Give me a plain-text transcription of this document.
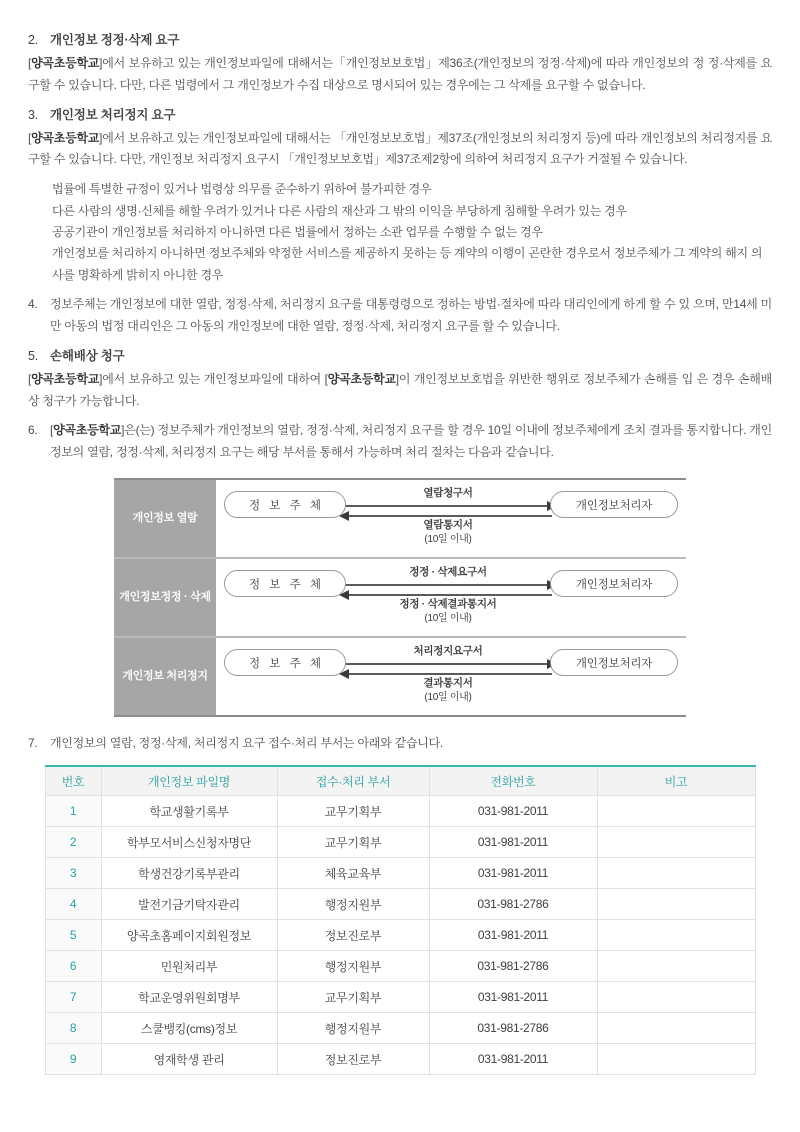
2. 개인정보 정정·삭제 요구

[양곡초등학교]에서 보유하고 있는 개인정보파일에 대해서는「개인정보보호법」제36조(개인정보의 정정·삭제)에 따라 개인정보의 정 정·삭제를 요구할 수 있습니다. 다만, 다른 법령에서 그 개인정보가 수집 대상으로 명시되어 있는 경우에는 그 삭제를 요구할 수 없습니다.

3. 개인정보 처리정지 요구

[양곡초등학교]에서 보유하고 있는 개인정보파일에 대해서는 「개인정보보호법」제37조(개인정보의 처리정지 등)에 따라 개인정보의 처리정지를 요구할 수 있습니다. 다만, 개인정보 처리정지 요구시 「개인정보보호법」제37조제2항에 의하여 처리정지 요구가 거절될 수 있습니다.

법률에 특별한 규정이 있거나 법령상 의무를 준수하기 위하여 불가피한 경우
다른 사람의 생명·신체를 해할 우려가 있거나 다른 사람의 재산과 그 밖의 이익을 부당하게 침해할 우려가 있는 경우
공공기관이 개인정보를 처리하지 아니하면 다른 법률에서 정하는 소관 업무를 수행할 수 없는 경우
개인정보를 처리하지 아니하면 정보주체와 약정한 서비스를 제공하지 못하는 등 계약의 이행이 곤란한 경우로서 정보주체가 그 계약의 해지 의사를 명확하게 밝히지 아니한 경우

4. 정보주체는 개인정보에 대한 열람, 정정·삭제, 처리정지 요구를 대통령령으로 정하는 방법·절차에 따라 대리인에게 하게 할 수 있 으며, 만14세 미만 아동의 법정 대리인은 그 아동의 개인정보에 대한 열람, 정정·삭제, 처리정지 요구를 할 수 있습니다.

5. 손해배상 청구

[양곡초등학교]에서 보유하고 있는 개인정보파일에 대하여 [양곡초등학교]이 개인정보보호법을 위반한 행위로 정보주체가 손해를 입 은 경우 손해배상 청구가 가능합니다.

6. [양곡초등학교]은(는) 정보주체가 개인정보의 열람, 정정·삭제, 처리정지 요구를 할 경우 10일 이내에 정보주체에게 조치 결과를 통지합니다. 개인정보의 열람, 정정·삭제, 처리정지 요구는 해당 부서를 통해서 가능하며 처리 절차는 다음과 같습니다.

개인정보 열람
정 보 주 체
열람청구서
열람통지서
(10일 이내)
개인정보처리자
개인정보 정정 · 삭제
정 보 주 체
정정 · 삭제요구서
정정 · 삭제결과통지서
(10일 이내)
개인정보처리자
개인정보 처리정지
정 보 주 체
처리정지요구서
결과통지서
(10일 이내)
개인정보처리자

7. 개인정보의 열람, 정정·삭제, 처리정지 요구 접수·처리 부서는 아래와 같습니다.

번호	개인정보 파일명	접수·처리 부서	전화번호	비고
1	학교생활기록부	교무기획부	031-981-2011	
2	학부모서비스신청자명단	교무기획부	031-981-2011	
3	학생건강기록부관리	체육교육부	031-981-2011	
4	발전기금기탁자관리	행정지원부	031-981-2786	
5	양곡초홈페이지회원정보	정보진로부	031-981-2011	
6	민원처리부	행정지원부	031-981-2786	
7	학교운영위원회명부	교무기획부	031-981-2011	
8	스쿨뱅킹(cms)정보	행정지원부	031-981-2786	
9	영재학생 관리	정보진로부	031-981-2011	
